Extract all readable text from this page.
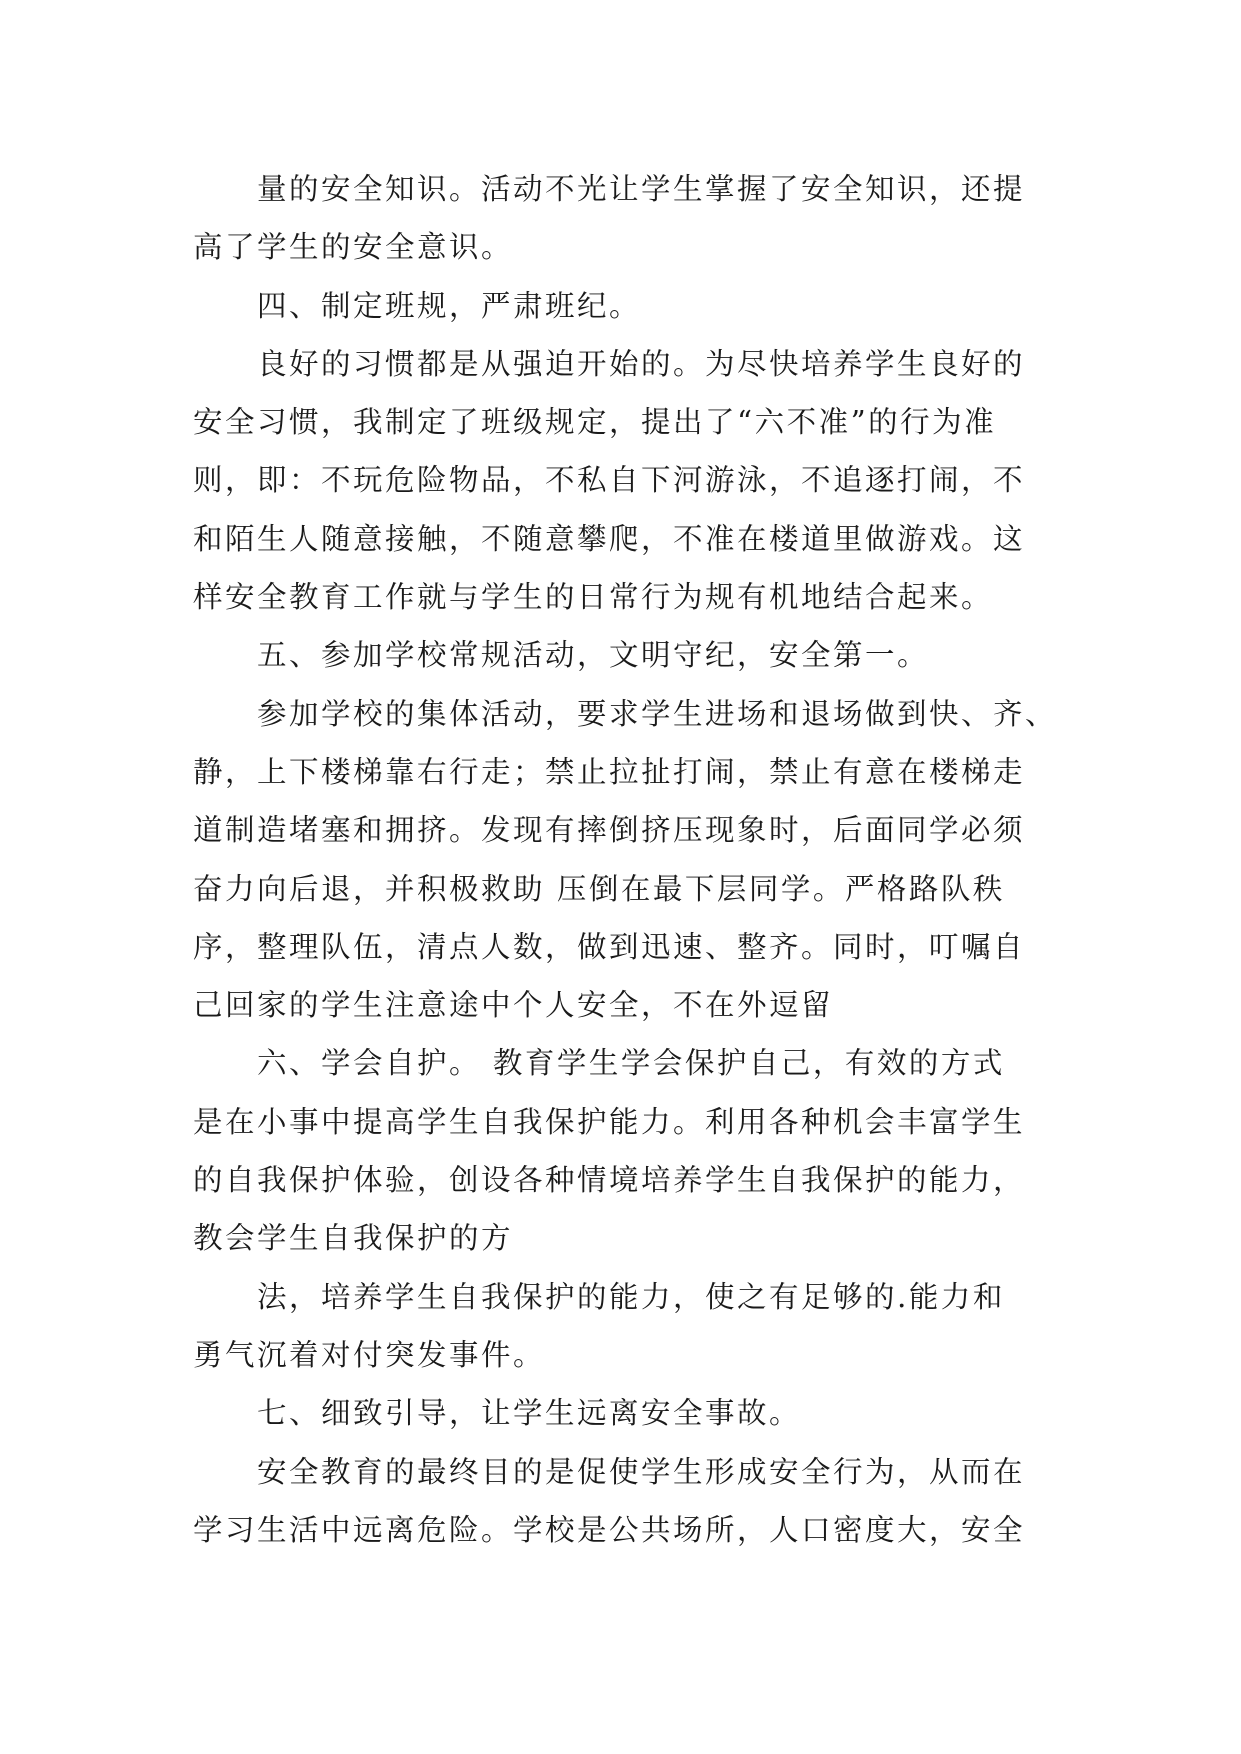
量的安全知识。活动不光让学生掌握了安全知识，还提
高了学生的安全意识。
四、制定班规，严肃班纪。
良好的习惯都是从强迫开始的。为尽快培养学生良好的
安全习惯，我制定了班级规定，提出了“六不准”的行为准
则，即：不玩危险物品，不私自下河游泳，不追逐打闹，不
和陌生人随意接触，不随意攀爬，不准在楼道里做游戏。这
样安全教育工作就与学生的日常行为规有机地结合起来。
五、参加学校常规活动，文明守纪，安全第一。
参加学校的集体活动，要求学生进场和退场做到快、齐、
静，上下楼梯靠右行走；禁止拉扯打闹，禁止有意在楼梯走
道制造堵塞和拥挤。发现有摔倒挤压现象时，后面同学必须
奋力向后退，并积极救助 压倒在最下层同学。严格路队秩
序，整理队伍，清点人数，做到迅速、整齐。同时，叮嘱自
己回家的学生注意途中个人安全，不在外逗留
六、学会自护。 教育学生学会保护自己，有效的方式
是在小事中提高学生自我保护能力。利用各种机会丰富学生
的自我保护体验，创设各种情境培养学生自我保护的能力，
教会学生自我保护的方
法，培养学生自我保护的能力，使之有足够的.能力和
勇气沉着对付突发事件。
七、细致引导，让学生远离安全事故。
安全教育的最终目的是促使学生形成安全行为，从而在
学习生活中远离危险。学校是公共场所，人口密度大，安全
